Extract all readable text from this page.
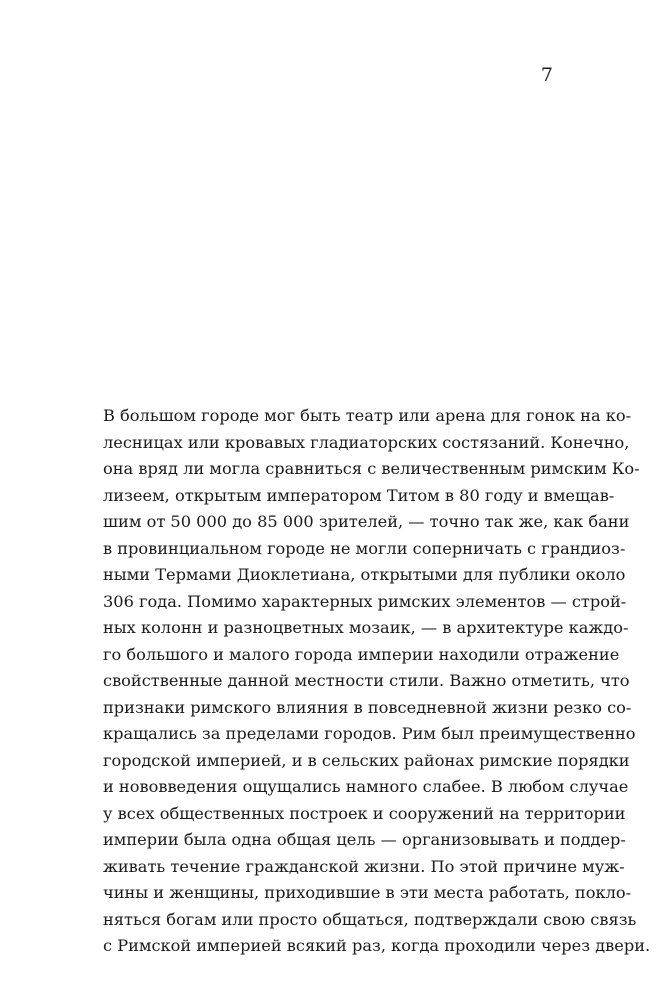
7
В большом городе мог быть театр или арена для гонок на ко-
лесницах или кровавых гладиаторских состязаний. Конечно,
она вряд ли могла сравниться с величественным римским Ко-
лизеем, открытым императором Титом в 80 году и вмещав-
шим от 50 000 до 85 000 зрителей, — точно так же, как бани
в провинциальном городе не могли соперничать с грандиоз-
ными Термами Диоклетиана, открытыми для публики около
306 года. Помимо характерных римских элементов — строй-
ных колонн и разноцветных мозаик, — в архитектуре каждо-
го большого и малого города империи находили отражение
свойственные данной местности стили. Важно отметить, что
признаки римского влияния в повседневной жизни резко со-
кращались за пределами городов. Рим был преимущественно
городской империей, и в сельских районах римские порядки
и нововведения ощущались намного слабее. В любом случае
у всех общественных построек и сооружений на территории
империи была одна общая цель — организовывать и поддер-
живать течение гражданской жизни. По этой причине муж-
чины и женщины, приходившие в эти места работать, покло-
няться богам или просто общаться, подтверждали свою связь
с Римской империей всякий раз, когда проходили через двери.
